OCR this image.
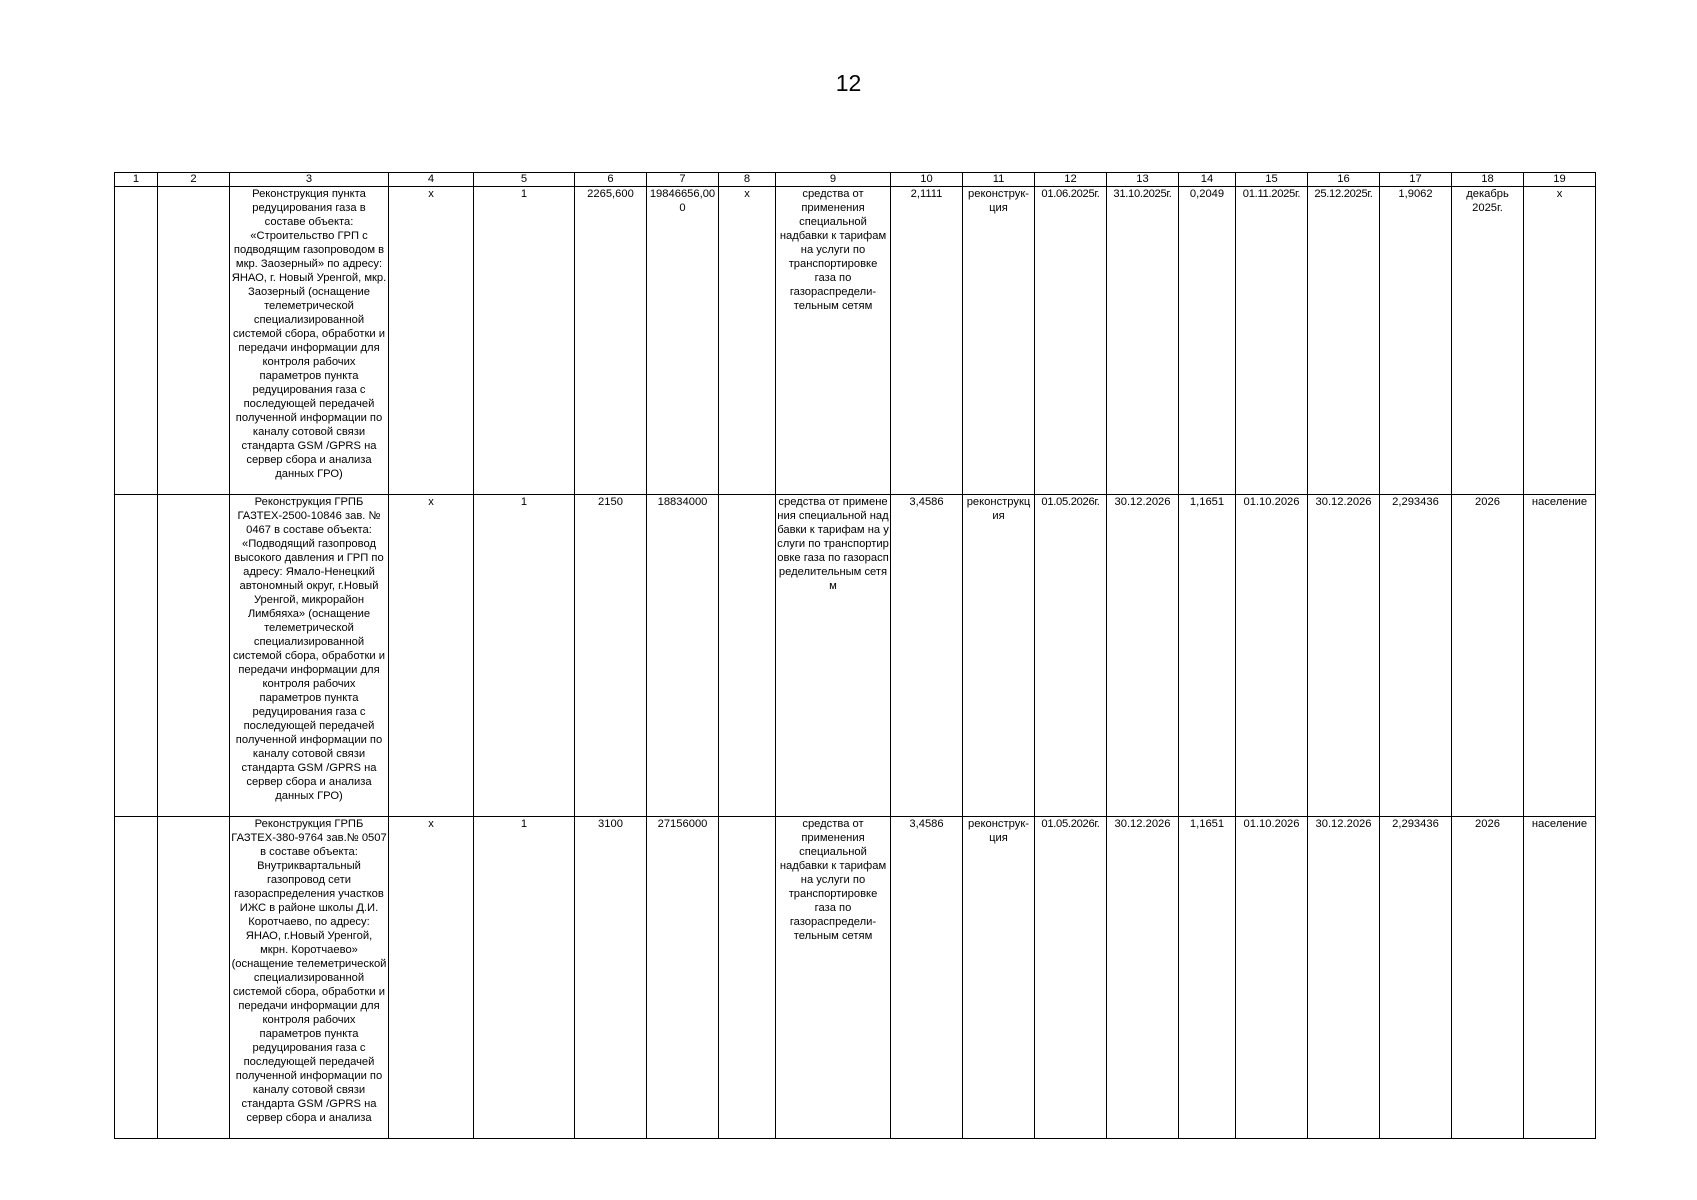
12
1	2	3	4	5	6	7	8	9	10	11	12	13	14	15	16	17	18	19
		Реконструкция пункта редуцирования газа в составе объекта: «Строительство ГРП с подводящим газопроводом в мкр. Заозерный» по адресу: ЯНАО, г. Новый Уренгой, мкр. Заозерный (оснащение телеметрической специализированной системой сбора, обработки и передачи информации для контроля рабочих параметров пункта редуцирования газа с последующей передачей полученной информации по каналу сотовой связи стандарта GSM /GPRS на сервер сбора и анализа данных ГРО)	х	1	2265,600	19846656,000	х	средства от применения специальной надбавки к тарифам на услуги по транспортировке газа по газораспредели-тельным сетям	2,1111	реконструк-ция	01.06.2025г.	31.10.2025г.	0,2049	01.11.2025г.	25.12.2025г.	1,9062	декабрь 2025г.	х
		Реконструкция ГРПБ ГАЗТЕХ-2500-10846 зав. № 0467 в составе объекта: «Подводящий газопровод высокого давления и ГРП по адресу: Ямало-Ненецкий автономный округ, г.Новый Уренгой, микрорайон Лимбяяха» (оснащение телеметрической специализированной системой сбора, обработки и передачи информации для контроля рабочих параметров пункта редуцирования газа с последующей передачей полученной информации по каналу сотовой связи стандарта GSM /GPRS на сервер сбора и анализа данных ГРО)	х	1	2150	18834000		средства от применения специальной надбавки к тарифам на услуги по транспортировке газа по газораспределительным сетям	3,4586	реконструкция	01.05.2026г.	30.12.2026	1,1651	01.10.2026	30.12.2026	2,293436	2026	население
		Реконструкция ГРПБ ГАЗТЕХ-380-9764 зав.№ 0507 в составе объекта: Внутриквартальный газопровод сети газораспределения участков ИЖС в районе школы Д.И. Коротчаево, по адресу: ЯНАО, г.Новый Уренгой, мкрн. Коротчаево» (оснащение телеметрической специализированной системой сбора, обработки и передачи информации для контроля рабочих параметров пункта редуцирования газа с последующей передачей полученной информации по каналу сотовой связи стандарта GSM /GPRS на сервер сбора и анализа	х	1	3100	27156000		средства от применения специальной надбавки к тарифам на услуги по транспортировке газа по газораспредели-тельным сетям	3,4586	реконструк-ция	01.05.2026г.	30.12.2026	1,1651	01.10.2026	30.12.2026	2,293436	2026	население
